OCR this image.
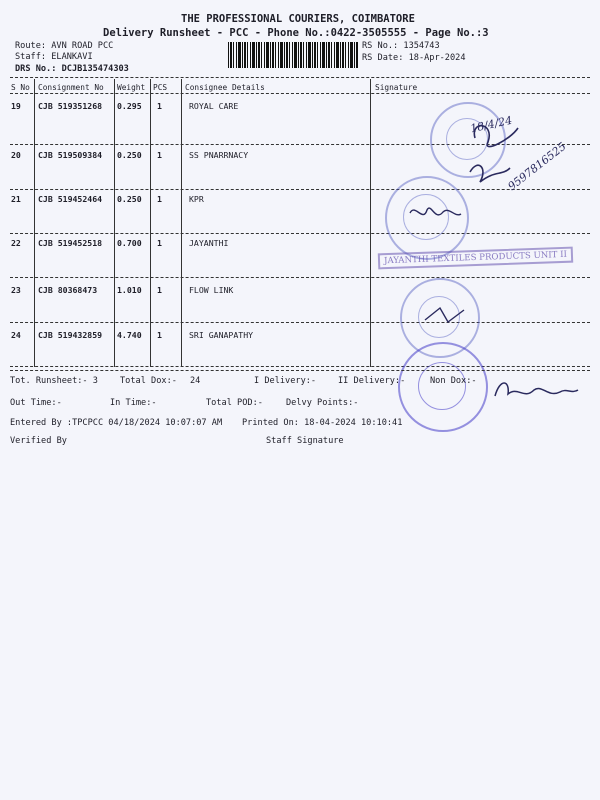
THE PROFESSIONAL COURIERS, COIMBATORE
Delivery Runsheet - PCC - Phone No.:0422-3505555 - Page No.:3
Route: AVN ROAD PCC
Staff: ELANKAVI
DRS No.: DCJB135474303
RS No.: 1354743
RS Date: 18-Apr-2024
S No Consignment No Weight PCS Consignee Details	Signature
19 CJB 519351268 0.295 1	ROYAL CARE
20 CJB 519509384 0.250 1	SS PNARRNACY
21 CJB 519452464 0.250 1	KPR
22 CJB 519452518 0.700 1	JAYANTHI
23 CJB 80368473 1.010 1	FLOW LINK
24 CJB 519432859 4.740 1	SRI GANAPATHY
18/4/24
9597816525
JAYANTHI TEXTILES PRODUCTS UNIT II
Tot. Runsheet:- 3	Total Dox:- 24	I Delivery:-	II Delivery:-	Non Dox:-
Out Time:-	In Time:-	Total POD:-	Delvy Points:-
Entered By :TPCPCC 04/18/2024 10:07:07 AM Printed On: 18-04-2024 10:10:41
Verified By	Staff Signature
